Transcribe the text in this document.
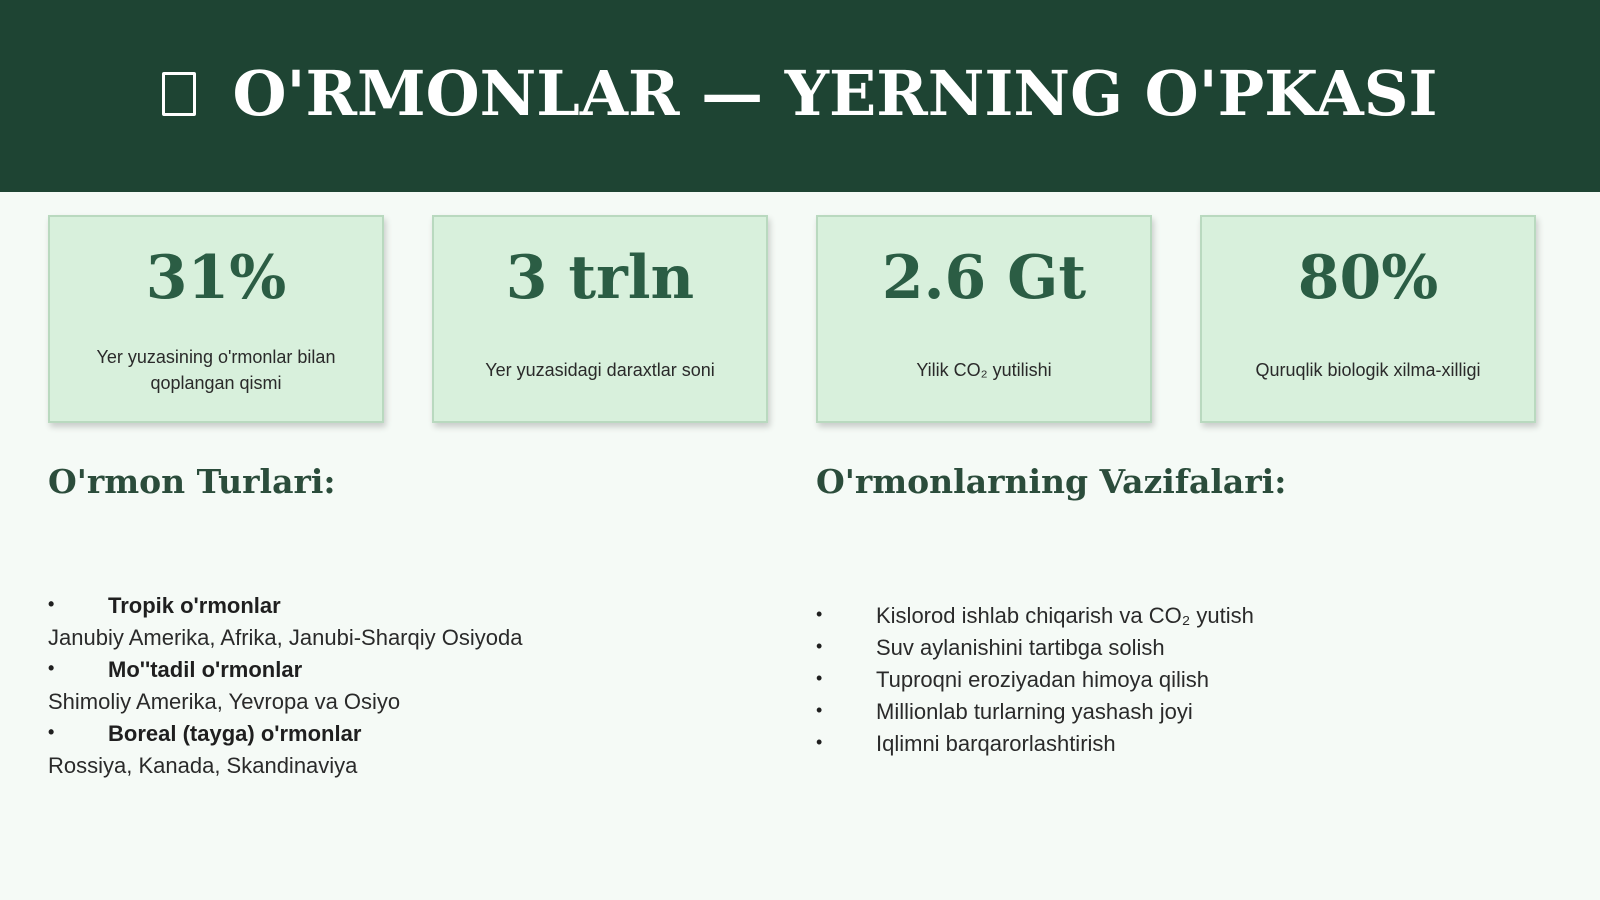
O'RMONLAR — YERNING O'PKASI
31%
Yer yuzasining o'rmonlar bilan qoplangan qismi
3 trln
Yer yuzasidagi daraxtlar soni
2.6 Gt
Yilik CO₂ yutilishi
80%
Quruqlik biologik xilma-xilligi
O'rmon Turlari:	O'rmonlarning Vazifalari:
• Tropik o'rmonlar
Janubiy Amerika, Afrika, Janubi-Sharqiy Osiyoda
• Mo''tadil o'rmonlar
Shimoliy Amerika, Yevropa va Osiyo
• Boreal (tayga) o'rmonlar
Rossiya, Kanada, Skandinaviya
• Kislorod ishlab chiqarish va CO₂ yutish
• Suv aylanishini tartibga solish
• Tuproqni eroziyadan himoya qilish
• Millionlab turlarning yashash joyi
• Iqlimni barqarorlashtirish
